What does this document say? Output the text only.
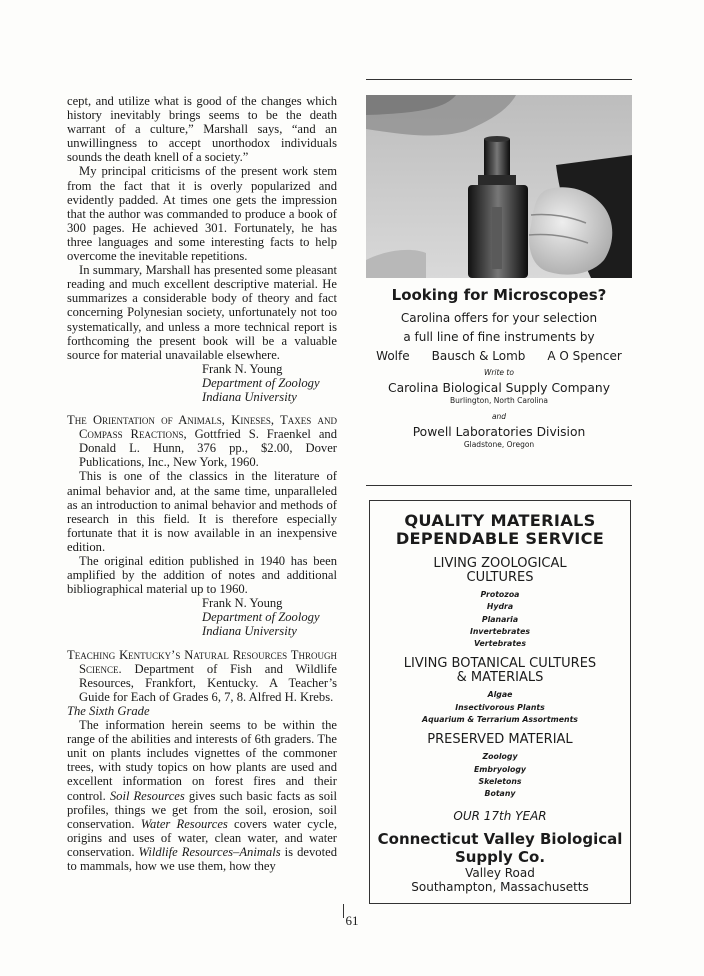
cept, and utilize what is good of the changes which history inevitably brings seems to be the death warrant of a culture,” Marshall says, “and an unwillingness to accept unorthodox individuals sounds the death knell of a society.”

My principal criticisms of the present work stem from the fact that it is overly popularized and evidently padded. At times one gets the impression that the author was commanded to produce a book of 300 pages. He achieved 301. Fortunately, he has three languages and some interesting facts to help overcome the inevitable repetitions.

In summary, Marshall has presented some pleasant reading and much excellent descriptive material. He summarizes a considerable body of theory and fact concerning Polynesian society, unfortunately not too systematically, and unless a more technical report is forthcoming the present book will be a valuable source for material unavailable elsewhere.

Frank N. Young
Department of Zoology
Indiana University

The Orientation of Animals, Kineses, Taxes and Compass Reactions, Gottfried S. Fraenkel and Donald L. Hunn, 376 pp., $2.00, Dover Publications, Inc., New York, 1960.

This is one of the classics in the literature of animal behavior and, at the same time, unparalleled as an introduction to animal behavior and methods of research in this field. It is therefore especially fortunate that it is now available in an inexpensive edition.

The original edition published in 1940 has been amplified by the addition of notes and additional bibliographical material up to 1960.

Frank N. Young
Department of Zoology
Indiana University

Teaching Kentucky’s Natural Resources Through Science. Department of Fish and Wildlife Resources, Frankfort, Kentucky. A Teacher’s Guide for Each of Grades 6, 7, 8. Alfred H. Krebs.

The Sixth Grade

The information herein seems to be within the range of the abilities and interests of 6th graders. The unit on plants includes vignettes of the commoner trees, with study topics on how plants are used and excellent information on forest fires and their control. Soil Resources gives such basic facts as soil profiles, things we get from the soil, erosion, soil conservation. Water Resources covers water cycle, origins and uses of water, clean water, and water conservation. Wildlife Resources–Animals is devoted to mammals, how we use them, how they

61
Looking for Microscopes?
Carolina offers for your selection
a full line of fine instruments by
Wolfe Bausch & Lomb A O Spencer
Write to
Carolina Biological Supply Company
Burlington, North Carolina
and
Powell Laboratories Division
Gladstone, Oregon
QUALITY MATERIALS
DEPENDABLE SERVICE
LIVING ZOOLOGICAL CULTURES
Protozoa
Hydra
Planaria
Invertebrates
Vertebrates
LIVING BOTANICAL CULTURES & MATERIALS
Algae
Insectivorous Plants
Aquarium & Terrarium Assortments
PRESERVED MATERIAL
Zoology
Embryology
Skeletons
Botany
OUR 17th YEAR
Connecticut Valley Biological
Supply Co.
Valley Road
Southampton, Massachusetts
